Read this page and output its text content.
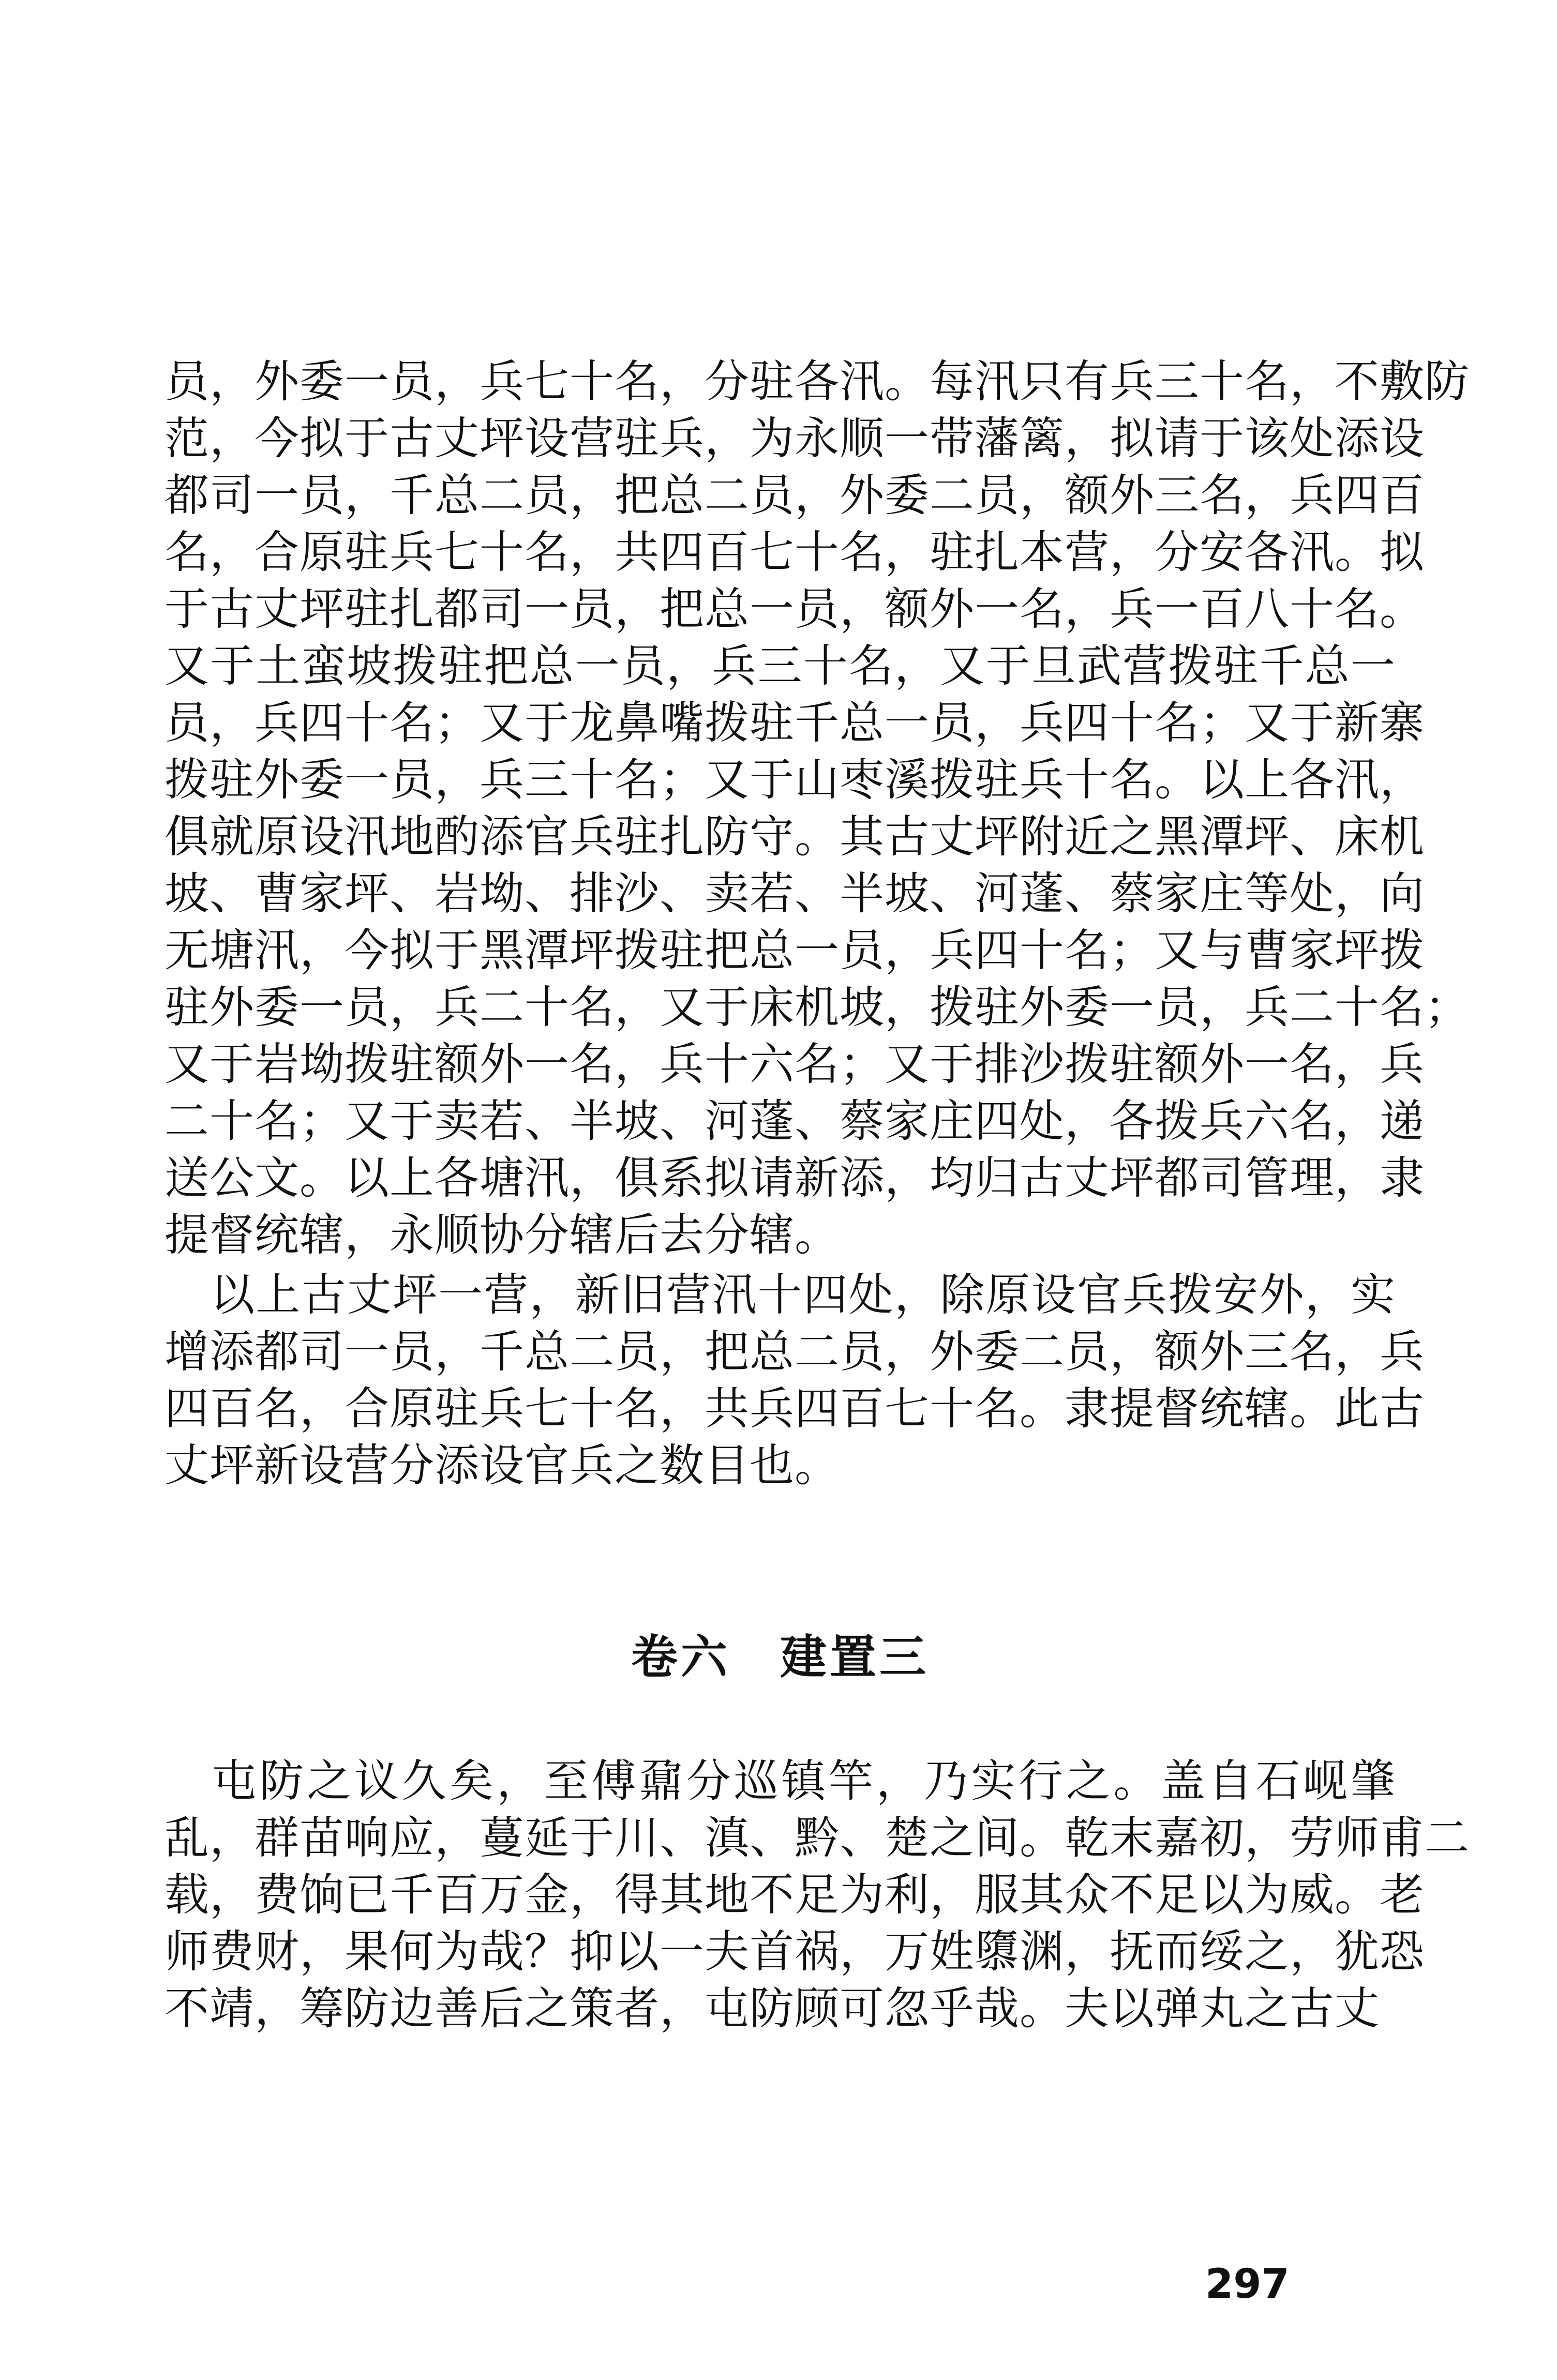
员，外委一员，兵七十名，分驻各汛。每汛只有兵三十名，不敷防
范，今拟于古丈坪设营驻兵，为永顺一带藩篱，拟请于该处添设
都司一员，千总二员，把总二员，外委二员，额外三名，兵四百
名，合原驻兵七十名，共四百七十名，驻扎本营，分安各汛。拟
于古丈坪驻扎都司一员，把总一员，额外一名，兵一百八十名。
又于土蛮坡拨驻把总一员，兵三十名，又于旦武营拨驻千总一
员，兵四十名；又于龙鼻嘴拨驻千总一员，兵四十名；又于新寨
拨驻外委一员，兵三十名；又于山枣溪拨驻兵十名。以上各汛，
俱就原设汛地酌添官兵驻扎防守。其古丈坪附近之黑潭坪、床机
坡、曹家坪、岩坳、排沙、卖若、半坡、河蓬、蔡家庄等处，向
无塘汛，今拟于黑潭坪拨驻把总一员，兵四十名；又与曹家坪拨
驻外委一员，兵二十名，又于床机坡，拨驻外委一员，兵二十名；
又于岩坳拨驻额外一名，兵十六名；又于排沙拨驻额外一名，兵
二十名；又于卖若、半坡、河蓬、蔡家庄四处，各拨兵六名，递
送公文。以上各塘汛，俱系拟请新添，均归古丈坪都司管理，隶
提督统辖，永顺协分辖后去分辖。
　以上古丈坪一营，新旧营汛十四处，除原设官兵拨安外，实
增添都司一员，千总二员，把总二员，外委二员，额外三名，兵
四百名，合原驻兵七十名，共兵四百七十名。隶提督统辖。此古
丈坪新设营分添设官兵之数目也。
卷六　建置三
　屯防之议久矣，至傅鼐分巡镇竿，乃实行之。盖自石岘肇
乱，群苗响应，蔓延于川、滇、黔、楚之间。乾末嘉初，劳师甫二
载，费饷已千百万金，得其地不足为利，服其众不足以为威。老
师费财，果何为哉？抑以一夫首祸，万姓隳渊，抚而绥之，犹恐
不靖，筹防边善后之策者，屯防顾可忽乎哉。夫以弹丸之古丈
297
